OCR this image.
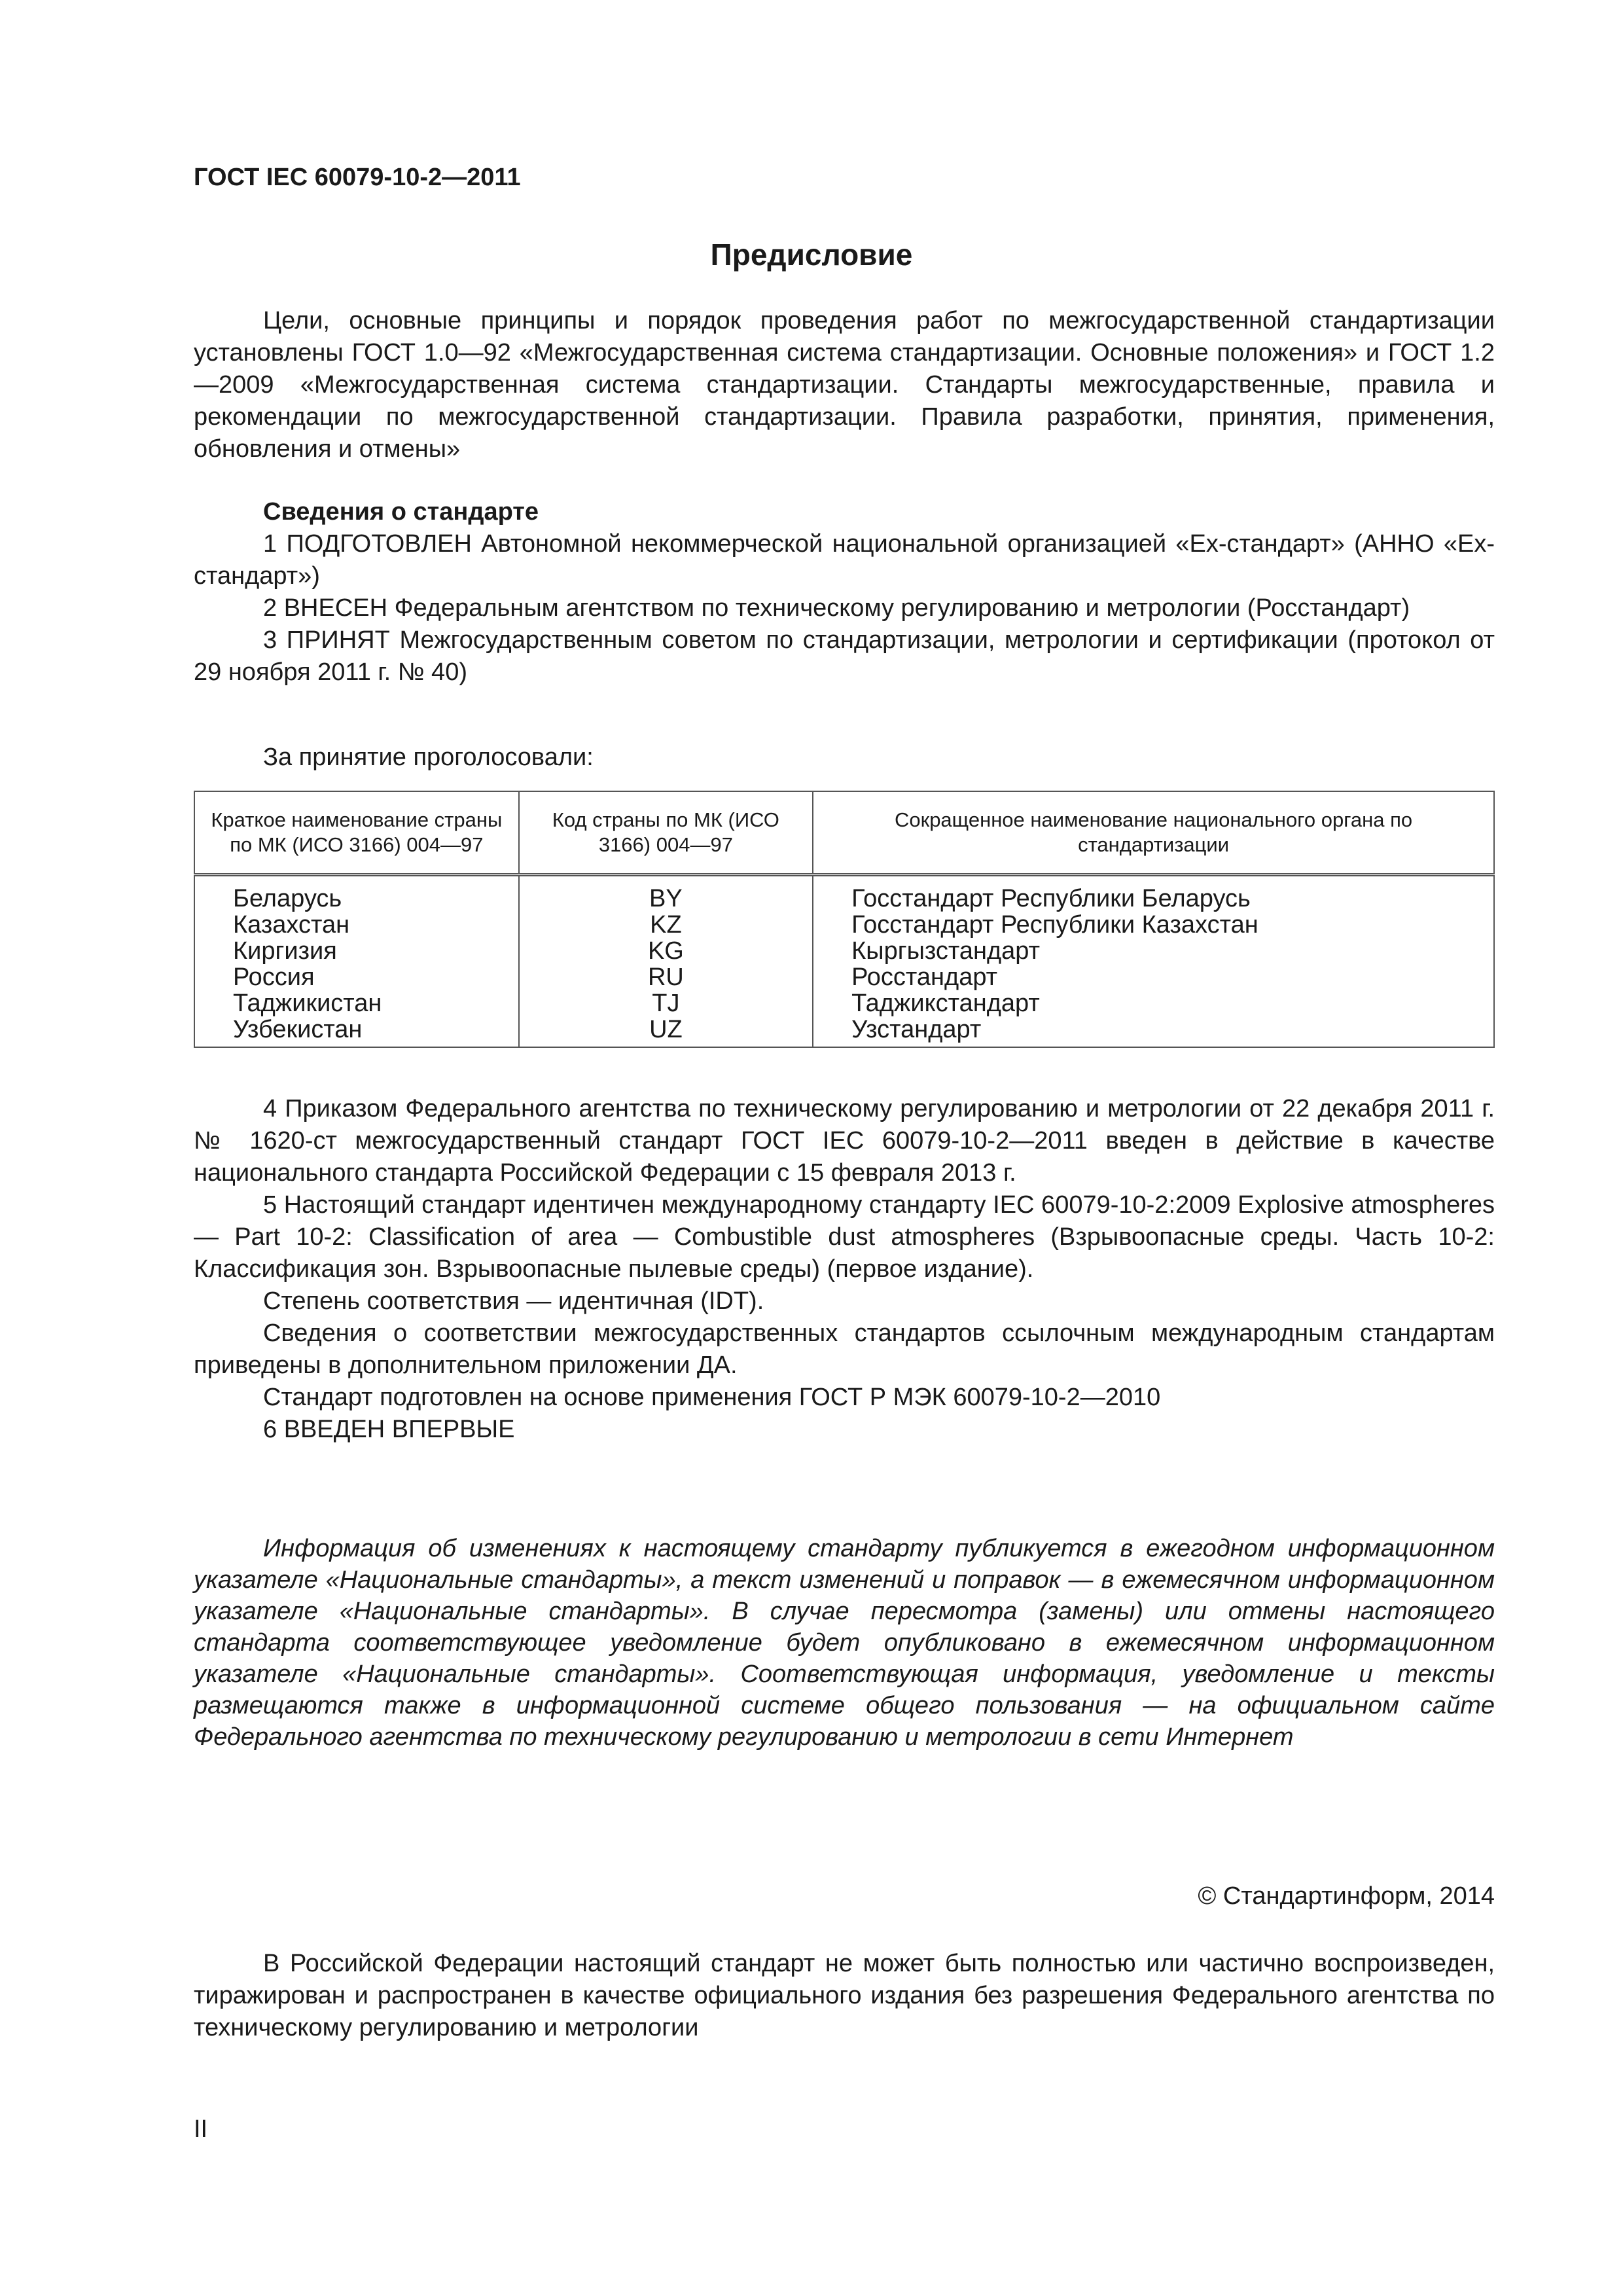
ГОСТ IEC 60079-10-2—2011
Предисловие

Цели, основные принципы и порядок проведения работ по межгосударственной стандартизации установлены ГОСТ 1.0—92 «Межгосударственная система стандартизации. Основные положения» и ГОСТ 1.2—2009 «Межгосударственная система стандартизации. Стандарты межгосударственные, правила и рекомендации по межгосударственной стандартизации. Правила разработки, принятия, применения, обновления и отмены»

Сведения о стандарте

1 ПОДГОТОВЛЕН Автономной некоммерческой национальной организацией «Ех-стандарт» (АННО «Ех-стандарт»)

2 ВНЕСЕН Федеральным агентством по техническому регулированию и метрологии (Росстандарт)

3 ПРИНЯТ Межгосударственным советом по стандартизации, метрологии и сертификации (протокол от 29 ноября 2011 г. № 40)

За принятие проголосовали:
Краткое наименование страны по МК (ИСО 3166) 004—97	Код страны по МК (ИСО 3166) 004—97	Сокращенное наименование национального органа по стандартизации
Беларусь	BY	Госстандарт Республики Беларусь
Казахстан	KZ	Госстандарт Республики Казахстан
Киргизия	KG	Кыргызстандарт
Россия	RU	Росстандарт
Таджикистан	TJ	Таджикстандарт
Узбекистан	UZ	Узстандарт

4 Приказом Федерального агентства по техническому регулированию и метрологии от 22 декабря 2011 г. № 1620-ст межгосударственный стандарт ГОСТ IEC 60079-10-2—2011 введен в действие в качестве национального стандарта Российской Федерации с 15 февраля 2013 г.

5 Настоящий стандарт идентичен международному стандарту IEC 60079-10-2:2009 Explosive atmospheres — Part 10-2: Classification of area — Combustible dust atmospheres (Взрывоопасные среды. Часть 10-2: Классификация зон. Взрывоопасные пылевые среды) (первое издание).

Степень соответствия — идентичная (IDT).

Сведения о соответствии межгосударственных стандартов ссылочным международным стандартам приведены в дополнительном приложении ДА.

Стандарт подготовлен на основе применения ГОСТ Р МЭК 60079-10-2—2010

6 ВВЕДЕН ВПЕРВЫЕ

Информация об изменениях к настоящему стандарту публикуется в ежегодном информационном указателе «Национальные стандарты», а текст изменений и поправок — в ежемесячном информационном указателе «Национальные стандарты». В случае пересмотра (замены) или отмены настоящего стандарта соответствующее уведомление будет опубликовано в ежемесячном информационном указателе «Национальные стандарты». Соответствующая информация, уведомление и тексты размещаются также в информационной системе общего пользования — на официальном сайте Федерального агентства по техническому регулированию и метрологии в сети Интернет

© Стандартинформ, 2014

В Российской Федерации настоящий стандарт не может быть полностью или частично воспроизведен, тиражирован и распространен в качестве официального издания без разрешения Федерального агентства по техническому регулированию и метрологии

II
